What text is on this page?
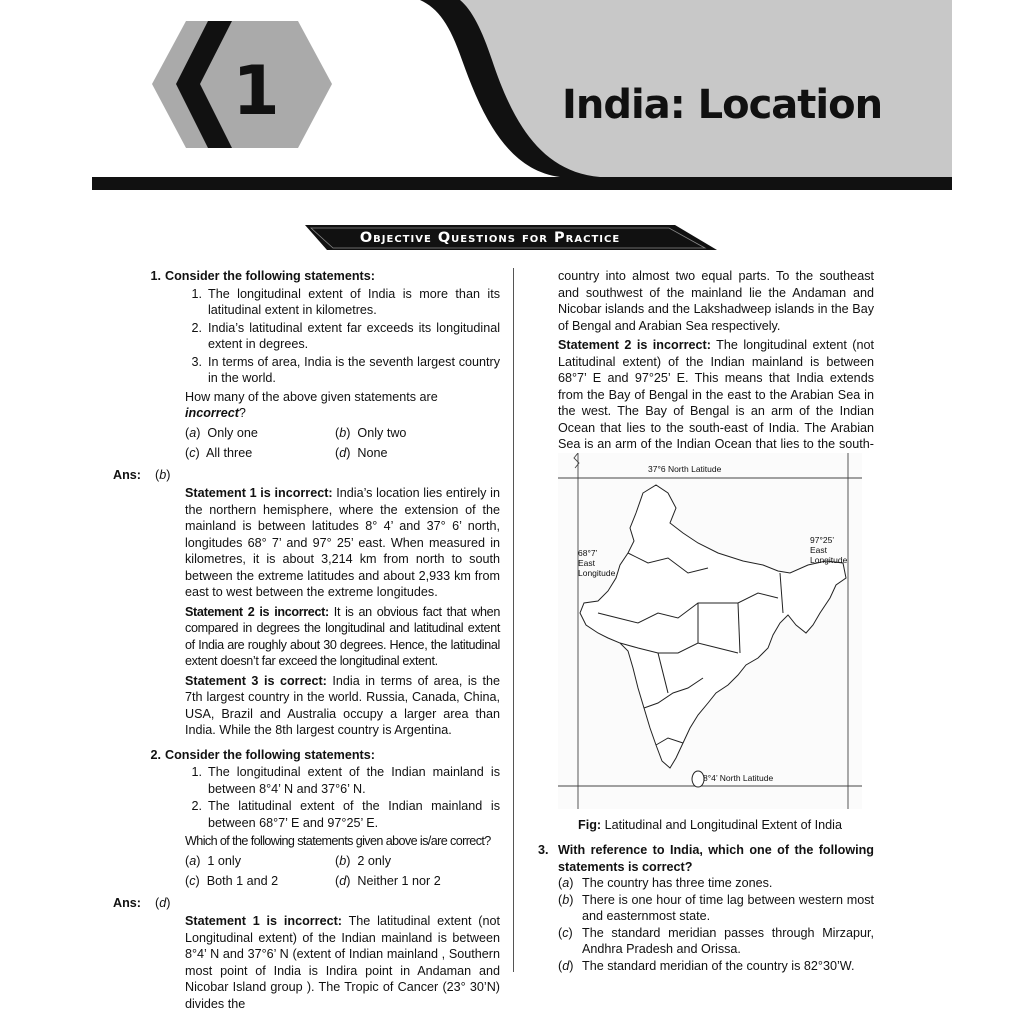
1	India: Location
Objective Questions for Practice
1. Consider the following statements:
1. The longitudinal extent of India is more than its latitudinal extent in kilometres.
2. India’s latitudinal extent far exceeds its longitudinal extent in degrees.
3. In terms of area, India is the seventh largest country in the world.
How many of the above given statements are incorrect?
(a)  Only one	(b)  Only two
(c)  All three	(d)  None
Ans:	(b)

Statement 1 is incorrect: India’s location lies entirely in the northern hemisphere, where the extension of the mainland is between latitudes 8° 4’ and 37° 6’ north, longitudes 68° 7’ and 97° 25’ east. When measured in kilometres, it is about 3,214 km from north to south between the extreme latitudes and about 2,933 km from east to west between the extreme longitudes.

Statement 2 is incorrect: It is an obvious fact that when compared in degrees the longitudinal and latitudinal extent of India are roughly about 30 degrees. Hence, the latitudinal extent doesn’t far exceed the longitudinal extent.

Statement 3 is correct: India in terms of area, is the 7th largest country in the world. Russia, Canada, China, USA, Brazil and Australia occupy a larger area than India. While the 8th largest country is Argentina.

2. Consider the following statements:
1. The longitudinal extent of the Indian mainland is between 8°4’ N and 37°6’ N.
2. The latitudinal extent of the Indian mainland is between 68°7’ E and 97°25’ E.
Which of the following statements given above is/are correct?
(a)  1 only	(b)  2 only
(c)  Both 1 and 2	(d)  Neither 1 nor 2
Ans:	(d)

Statement 1 is incorrect: The latitudinal extent (not Longitudinal extent) of the Indian mainland is between 8°4’ N and 37°6’ N (extent of Indian mainland , Southern most point of India is Indira point in Andaman and Nicobar Island group ). The Tropic of Cancer (23° 30’N) divides the

country into almost two equal parts. To the southeast and southwest of the mainland lie the Andaman and Nicobar islands and the Lakshadweep islands in the Bay of Bengal and Arabian Sea respectively.

Statement 2 is incorrect: The longitudinal extent (not Latitudinal extent) of the Indian mainland is between 68°7’ E and 97°25’ E. This means that India extends from the Bay of Bengal in the east to the Arabian Sea in the west. The Bay of Bengal is an arm of the Indian Ocean that lies to the south-east of India. The Arabian Sea is an arm of the Indian Ocean that lies to the south-

37°6 North Latitude
8°4’ North Latitude
68°7’
East
Longitude
97°25’
East
Longitude
Fig: Latitudinal and Longitudinal Extent of India
3. With reference to India, which one of the following statements is correct?
(a) The country has three time zones.
(b) There is one hour of time lag between western most and easternmost state.
(c) The standard meridian passes through Mirzapur, Andhra Pradesh and Orissa.
(d) The standard meridian of the country is 82°30’W.
